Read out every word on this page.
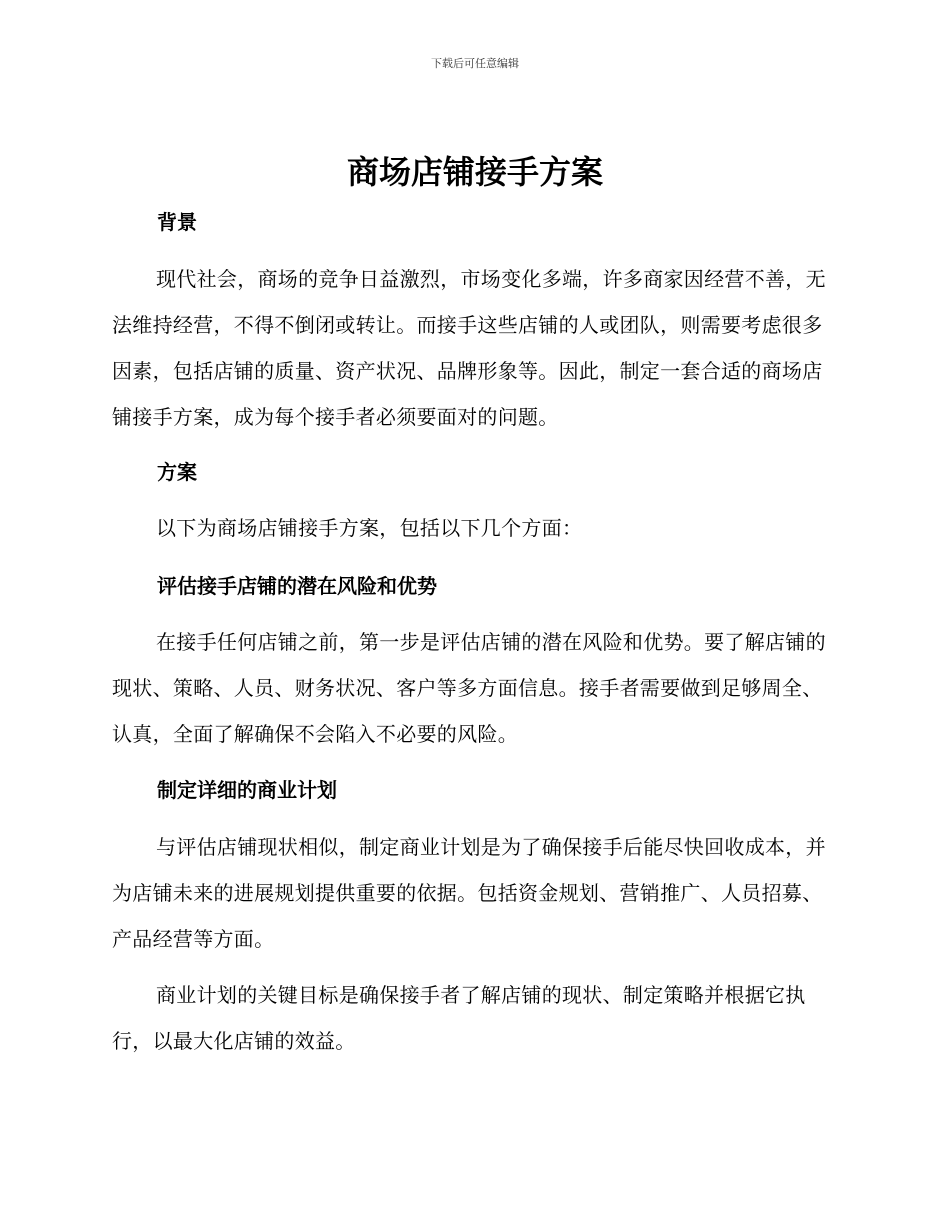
下载后可任意编辑
商场店铺接手方案
背景

现代社会，商场的竞争日益激烈，市场变化多端，许多商家因经营不善，无法维持经营，不得不倒闭或转让。而接手这些店铺的人或团队，则需要考虑很多因素，包括店铺的质量、资产状况、品牌形象等。因此，制定一套合适的商场店铺接手方案，成为每个接手者必须要面对的问题。

方案

以下为商场店铺接手方案，包括以下几个方面：

评估接手店铺的潜在风险和优势

在接手任何店铺之前，第一步是评估店铺的潜在风险和优势。要了解店铺的现状、策略、人员、财务状况、客户等多方面信息。接手者需要做到足够周全、认真，全面了解确保不会陷入不必要的风险。

制定详细的商业计划

与评估店铺现状相似，制定商业计划是为了确保接手后能尽快回收成本，并为店铺未来的进展规划提供重要的依据。包括资金规划、营销推广、人员招募、产品经营等方面。

商业计划的关键目标是确保接手者了解店铺的现状、制定策略并根据它执行，以最大化店铺的效益。
